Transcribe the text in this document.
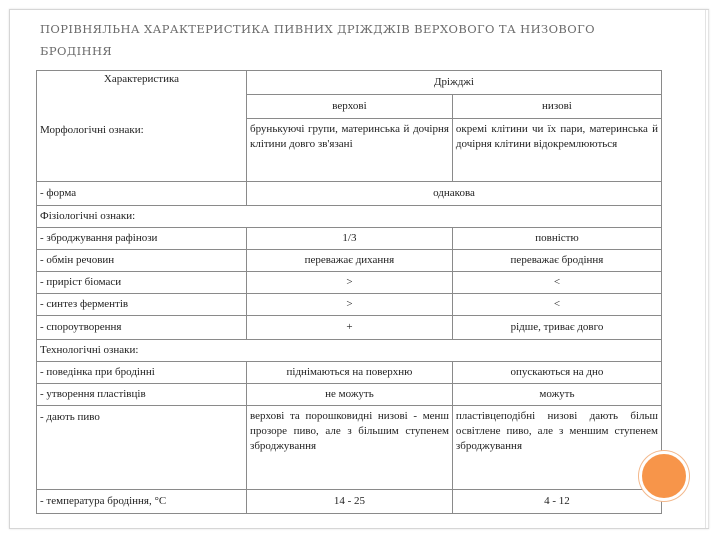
ПОРІВНЯЛЬНА ХАРАКТЕРИСТИКА ПИВНИХ ДРІЖДЖІВ ВЕРХОВОГО ТА НИЗОВОГО БРОДІННЯ
Характеристика	Дріжджі	
	верхові	низові
Морфологічні ознаки:	брунькуючі групи, материнська й дочірня клітини довго зв'язані	окремі клітини чи їх пари, материнська й дочірня клітини відокремлюються
- форма	однакова	
Фізіологічні ознаки:		
- зброджування рафінози	1/3	повністю
- обмін речовин	переважає дихання	переважає бродіння
- приріст біомаси	>	<
- синтез ферментів	>	<
- спороутворення	+	рідше, триває довго
Технологічні ознаки:		
- поведінка при бродінні	піднімаються на поверхню	опускаються на дно
- утворення пластівців	не можуть	можуть
- дають пиво	верхові та порошковидні низові - менш прозоре пиво, але з більшим ступенем зброджування	пластівцеподібні низові дають більш освітлене пиво, але з меншим ступенем зброджування
- температура бродіння, °С	14 - 25	4 - 12
